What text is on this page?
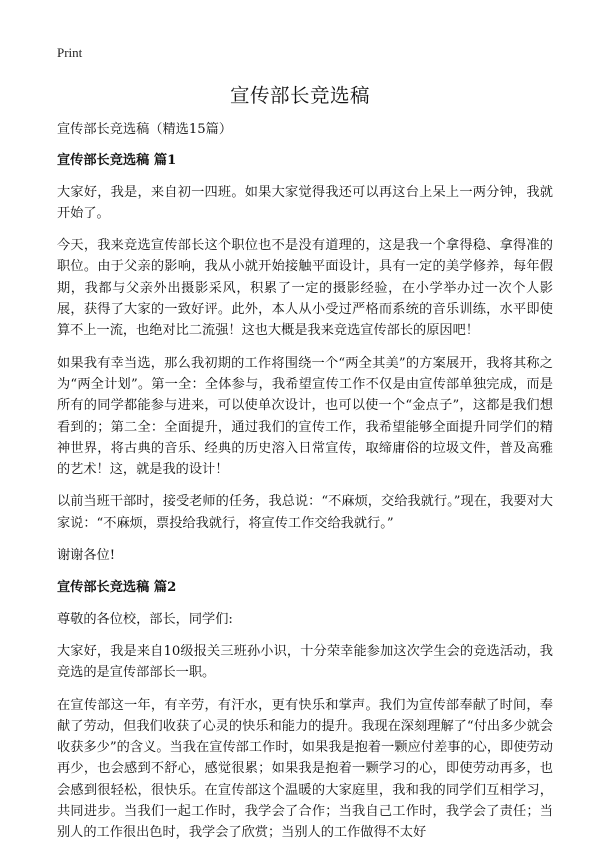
Print
宣传部长竞选稿

宣传部长竞选稿（精选15篇）

宣传部长竞选稿 篇1

大家好，我是，来自初一四班。如果大家觉得我还可以再这台上呆上一两分钟，我就开始了。

今天，我来竞选宣传部长这个职位也不是没有道理的，这是我一个拿得稳、拿得准的职位。由于父亲的影响，我从小就开始接触平面设计，具有一定的美学修养，每年假期，我都与父亲外出摄影采风，积累了一定的摄影经验，在小学举办过一次个人影展，获得了大家的一致好评。此外，本人从小受过严格而系统的音乐训练，水平即使算不上一流，也绝对比二流强！这也大概是我来竞选宣传部长的原因吧！

如果我有幸当选，那么我初期的工作将围绕一个“两全其美”的方案展开，我将其称之为“两全计划”。第一全：全体参与，我希望宣传工作不仅是由宣传部单独完成，而是所有的同学都能参与进来，可以使单次设计，也可以使一个“金点子”，这都是我们想看到的；第二全：全面提升，通过我们的宣传工作，我希望能够全面提升同学们的精神世界，将古典的音乐、经典的历史溶入日常宣传，取缔庸俗的垃圾文件，普及高雅的艺术！这，就是我的设计！

以前当班干部时，接受老师的任务，我总说：“不麻烦，交给我就行。”现在，我要对大家说：“不麻烦，票投给我就行，将宣传工作交给我就行。”

谢谢各位!

宣传部长竞选稿 篇2

尊敬的各位校，部长，同学们:

大家好，我是来自10级报关三班孙小识，十分荣幸能参加这次学生会的竞选活动，我竞选的是宣传部部长一职。

在宣传部这一年，有辛劳，有汗水，更有快乐和掌声。我们为宣传部奉献了时间，奉献了劳动，但我们收获了心灵的快乐和能力的提升。我现在深刻理解了“付出多少就会收获多少”的含义。当我在宣传部工作时，如果我是抱着一颗应付差事的心，即使劳动再少，也会感到不舒心，感觉很累；如果我是抱着一颗学习的心，即使劳动再多，也会感到很轻松，很快乐。在宣传部这个温暖的大家庭里，我和我的同学们互相学习，共同进步。当我们一起工作时，我学会了合作；当我自己工作时，我学会了责任；当别人的工作很出色时，我学会了欣赏；当别人的工作做得不太好
